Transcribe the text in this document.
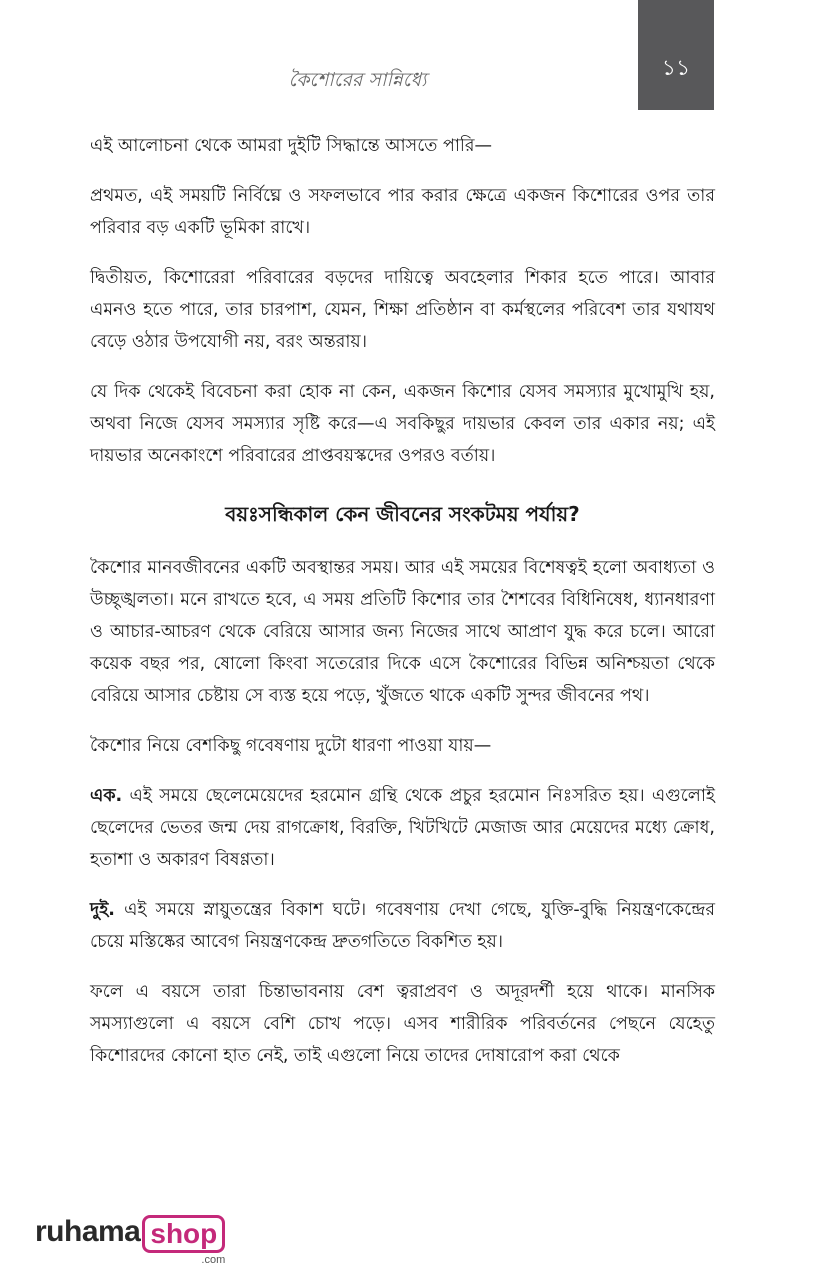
কৈশোরের সান্নিধ্যে	১১

এই আলোচনা থেকে আমরা দুইটি সিদ্ধান্তে আসতে পারি—

প্রথমত, এই সময়টি নির্বিঘ্নে ও সফলভাবে পার করার ক্ষেত্রে একজন কিশোরের ওপর তার পরিবার বড় একটি ভূমিকা রাখে।

দ্বিতীয়ত, কিশোরেরা পরিবারের বড়দের দায়িত্বে অবহেলার শিকার হতে পারে। আবার এমনও হতে পারে, তার চারপাশ, যেমন, শিক্ষা প্রতিষ্ঠান বা কর্মস্থলের পরিবেশ তার যথাযথ বেড়ে ওঠার উপযোগী নয়, বরং অন্তরায়।

যে দিক থেকেই বিবেচনা করা হোক না কেন, একজন কিশোর যেসব সমস্যার মুখোমুখি হয়, অথবা নিজে যেসব সমস্যার সৃষ্টি করে—এ সবকিছুর দায়ভার কেবল তার একার নয়; এই দায়ভার অনেকাংশে পরিবারের প্রাপ্তবয়স্কদের ওপরও বর্তায়।

বয়ঃসন্ধিকাল কেন জীবনের সংকটময় পর্যায়?

কৈশোর মানবজীবনের একটি অবস্থান্তর সময়। আর এই সময়ের বিশেষত্বই হলো অবাধ্যতা ও উচ্ছৃঙ্খলতা। মনে রাখতে হবে, এ সময় প্রতিটি কিশোর তার শৈশবের বিধিনিষেধ, ধ্যানধারণা ও আচার-আচরণ থেকে বেরিয়ে আসার জন্য নিজের সাথে আপ্রাণ যুদ্ধ করে চলে। আরো কয়েক বছর পর, ষোলো কিংবা সতেরোর দিকে এসে কৈশোরের বিভিন্ন অনিশ্চয়তা থেকে বেরিয়ে আসার চেষ্টায় সে ব্যস্ত হয়ে পড়ে, খুঁজতে থাকে একটি সুন্দর জীবনের পথ।

কৈশোর নিয়ে বেশকিছু গবেষণায় দুটো ধারণা পাওয়া যায়—

এক. এই সময়ে ছেলেমেয়েদের হরমোন গ্রন্থি থেকে প্রচুর হরমোন নিঃসরিত হয়। এগুলোই ছেলেদের ভেতর জন্ম দেয় রাগক্রোধ, বিরক্তি, খিটখিটে মেজাজ আর মেয়েদের মধ্যে ক্রোধ, হতাশা ও অকারণ বিষণ্ণতা।

দুই. এই সময়ে স্নায়ুতন্ত্রের বিকাশ ঘটে। গবেষণায় দেখা গেছে, যুক্তি-বুদ্ধি নিয়ন্ত্রণকেন্দ্রের চেয়ে মস্তিষ্কের আবেগ নিয়ন্ত্রণকেন্দ্র দ্রুতগতিতে বিকশিত হয়।

ফলে এ বয়সে তারা চিন্তাভাবনায় বেশ ত্বরাপ্রবণ ও অদূরদর্শী হয়ে থাকে। মানসিক সমস্যাগুলো এ বয়সে বেশি চোখ পড়ে। এসব শারীরিক পরিবর্তনের পেছনে যেহেতু কিশোরদের কোনো হাত নেই, তাই এগুলো নিয়ে তাদের দোষারোপ করা থেকে

ruhama shop
.com
